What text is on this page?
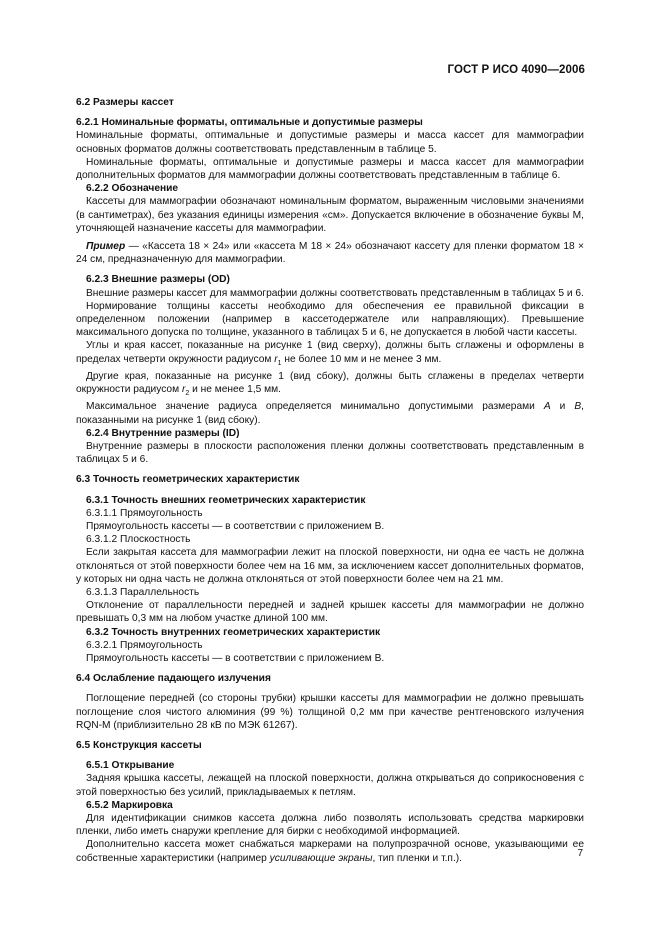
ГОСТ Р ИСО 4090—2006
6.2 Размеры кассет
6.2.1 Номинальные форматы, оптимальные и допустимые размеры
Номинальные форматы, оптимальные и допустимые размеры и масса кассет для маммографии основных форматов должны соответствовать представленным в таблице 5.
Номинальные форматы, оптимальные и допустимые размеры и масса кассет для маммографии дополнительных форматов для маммографии должны соответствовать представленным в таблице 6.
6.2.2 Обозначение
Кассеты для маммографии обозначают номинальным форматом, выраженным числовыми значениями (в сантиметрах), без указания единицы измерения «см». Допускается включение в обозначение буквы М, уточняющей назначение кассеты для маммографии.
Пример — «Кассета 18 × 24» или «кассета М 18 × 24» обозначают кассету для пленки форматом 18 × 24 см, предназначенную для маммографии.
6.2.3 Внешние размеры (OD)
Внешние размеры кассет для маммографии должны соответствовать представленным в таблицах 5 и 6.
Нормирование толщины кассеты необходимо для обеспечения ее правильной фиксации в определенном положении (например в кассетодержателе или направляющих). Превышение максимального допуска по толщине, указанного в таблицах 5 и 6, не допускается в любой части кассеты.
Углы и края кассет, показанные на рисунке 1 (вид сверху), должны быть сглажены и оформлены в пределах четверти окружности радиусом $r_1$ не более 10 мм и не менее 3 мм.
Другие края, показанные на рисунке 1 (вид сбоку), должны быть сглажены в пределах четверти окружности радиусом $r_2$ и не менее 1,5 мм.
Максимальное значение радиуса определяется минимально допустимыми размерами A и B, показанными на рисунке 1 (вид сбоку).
6.2.4 Внутренние размеры (ID)
Внутренние размеры в плоскости расположения пленки должны соответствовать представленным в таблицах 5 и 6.
6.3 Точность геометрических характеристик
6.3.1 Точность внешних геометрических характеристик
6.3.1.1 Прямоугольность
Прямоугольность кассеты — в соответствии с приложением В.
6.3.1.2 Плоскостность
Если закрытая кассета для маммографии лежит на плоской поверхности, ни одна ее часть не должна отклоняться от этой поверхности более чем на 16 мм, за исключением кассет дополнительных форматов, у которых ни одна часть не должна отклоняться от этой поверхности более чем на 21 мм.
6.3.1.3 Параллельность
Отклонение от параллельности передней и задней крышек кассеты для маммографии не должно превышать 0,3 мм на любом участке длиной 100 мм.
6.3.2 Точность внутренних геометрических характеристик
6.3.2.1 Прямоугольность
Прямоугольность кассеты — в соответствии с приложением В.
6.4 Ослабление падающего излучения
Поглощение передней (со стороны трубки) крышки кассеты для маммографии не должно превышать поглощение слоя чистого алюминия (99 %) толщиной 0,2 мм при качестве рентгеновского излучения RQN-M (приблизительно 28 кВ по МЭК 61267).
6.5 Конструкция кассеты
6.5.1 Открывание
Задняя крышка кассеты, лежащей на плоской поверхности, должна открываться до соприкосновения с этой поверхностью без усилий, прикладываемых к петлям.
6.5.2 Маркировка
Для идентификации снимков кассета должна либо позволять использовать средства маркировки пленки, либо иметь снаружи крепление для бирки с необходимой информацией.
Дополнительно кассета может снабжаться маркерами на полупрозрачной основе, указывающими ее собственные характеристики (например усиливающие экраны, тип пленки и т.п.).	7
